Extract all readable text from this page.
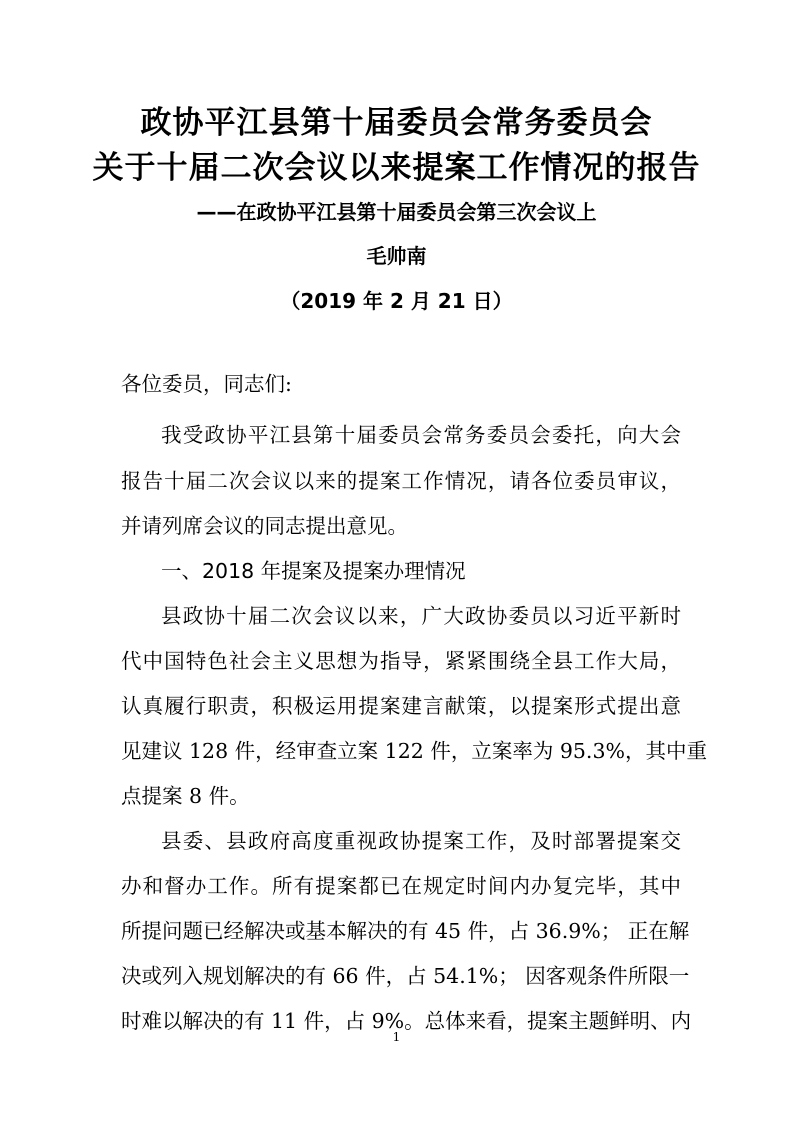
政协平江县第十届委员会常务委员会
关于十届二次会议以来提案工作情况的报告
——在政协平江县第十届委员会第三次会议上
毛帅南
（2019 年 2 月 21 日）
各位委员，同志们:
我受政协平江县第十届委员会常务委员会委托，向大会
报告十届二次会议以来的提案工作情况，请各位委员审议，
并请列席会议的同志提出意见。
一、2018 年提案及提案办理情况
县政协十届二次会议以来，广大政协委员以习近平新时
代中国特色社会主义思想为指导，紧紧围绕全县工作大局，
认真履行职责，积极运用提案建言献策，以提案形式提出意
见建议 128 件，经审查立案 122 件，立案率为 95.3%，其中重
点提案 8 件。
县委、县政府高度重视政协提案工作，及时部署提案交
办和督办工作。所有提案都已在规定时间内办复完毕，其中
所提问题已经解决或基本解决的有 45 件，占 36.9%； 正在解
决或列入规划解决的有 66 件，占 54.1%； 因客观条件所限一
时难以解决的有 11 件，占 9%。总体来看，提案主题鲜明、内
1
